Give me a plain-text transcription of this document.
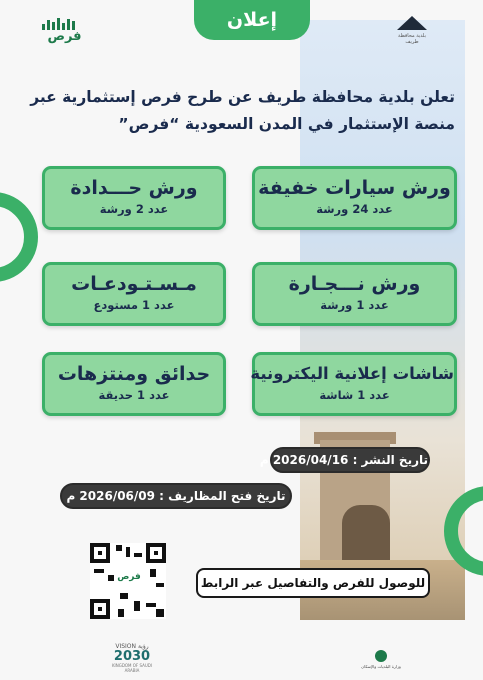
فرص
إعلان
بلدية محافظة طريف
تعلن بلدية محافظة طريف عن طرح فرص إستثمارية عبر
منصة الإستثمار في المدن السعودية “فرص”
ورش سيارات خفيفة
عدد 24 ورشة
ورش حـــدادة
عدد 2 ورشة
ورش نـــجـارة
عدد 1 ورشة
مـسـتـودعـات
عدد 1 مستودع
شاشات إعلانية اليكترونية
عدد 1 شاشة
حدائق ومنتزهات
عدد 1 حديقة
تاريخ النشر : 2026/04/16 م
تاريخ فتح المظاريف : 2026/06/09 م
فرص	للوصول للفرص والتفاصيل عبر الرابط
VISION رؤية
2030
KINGDOM OF SAUDI ARABIA
وزارة البلديات والإسكان
